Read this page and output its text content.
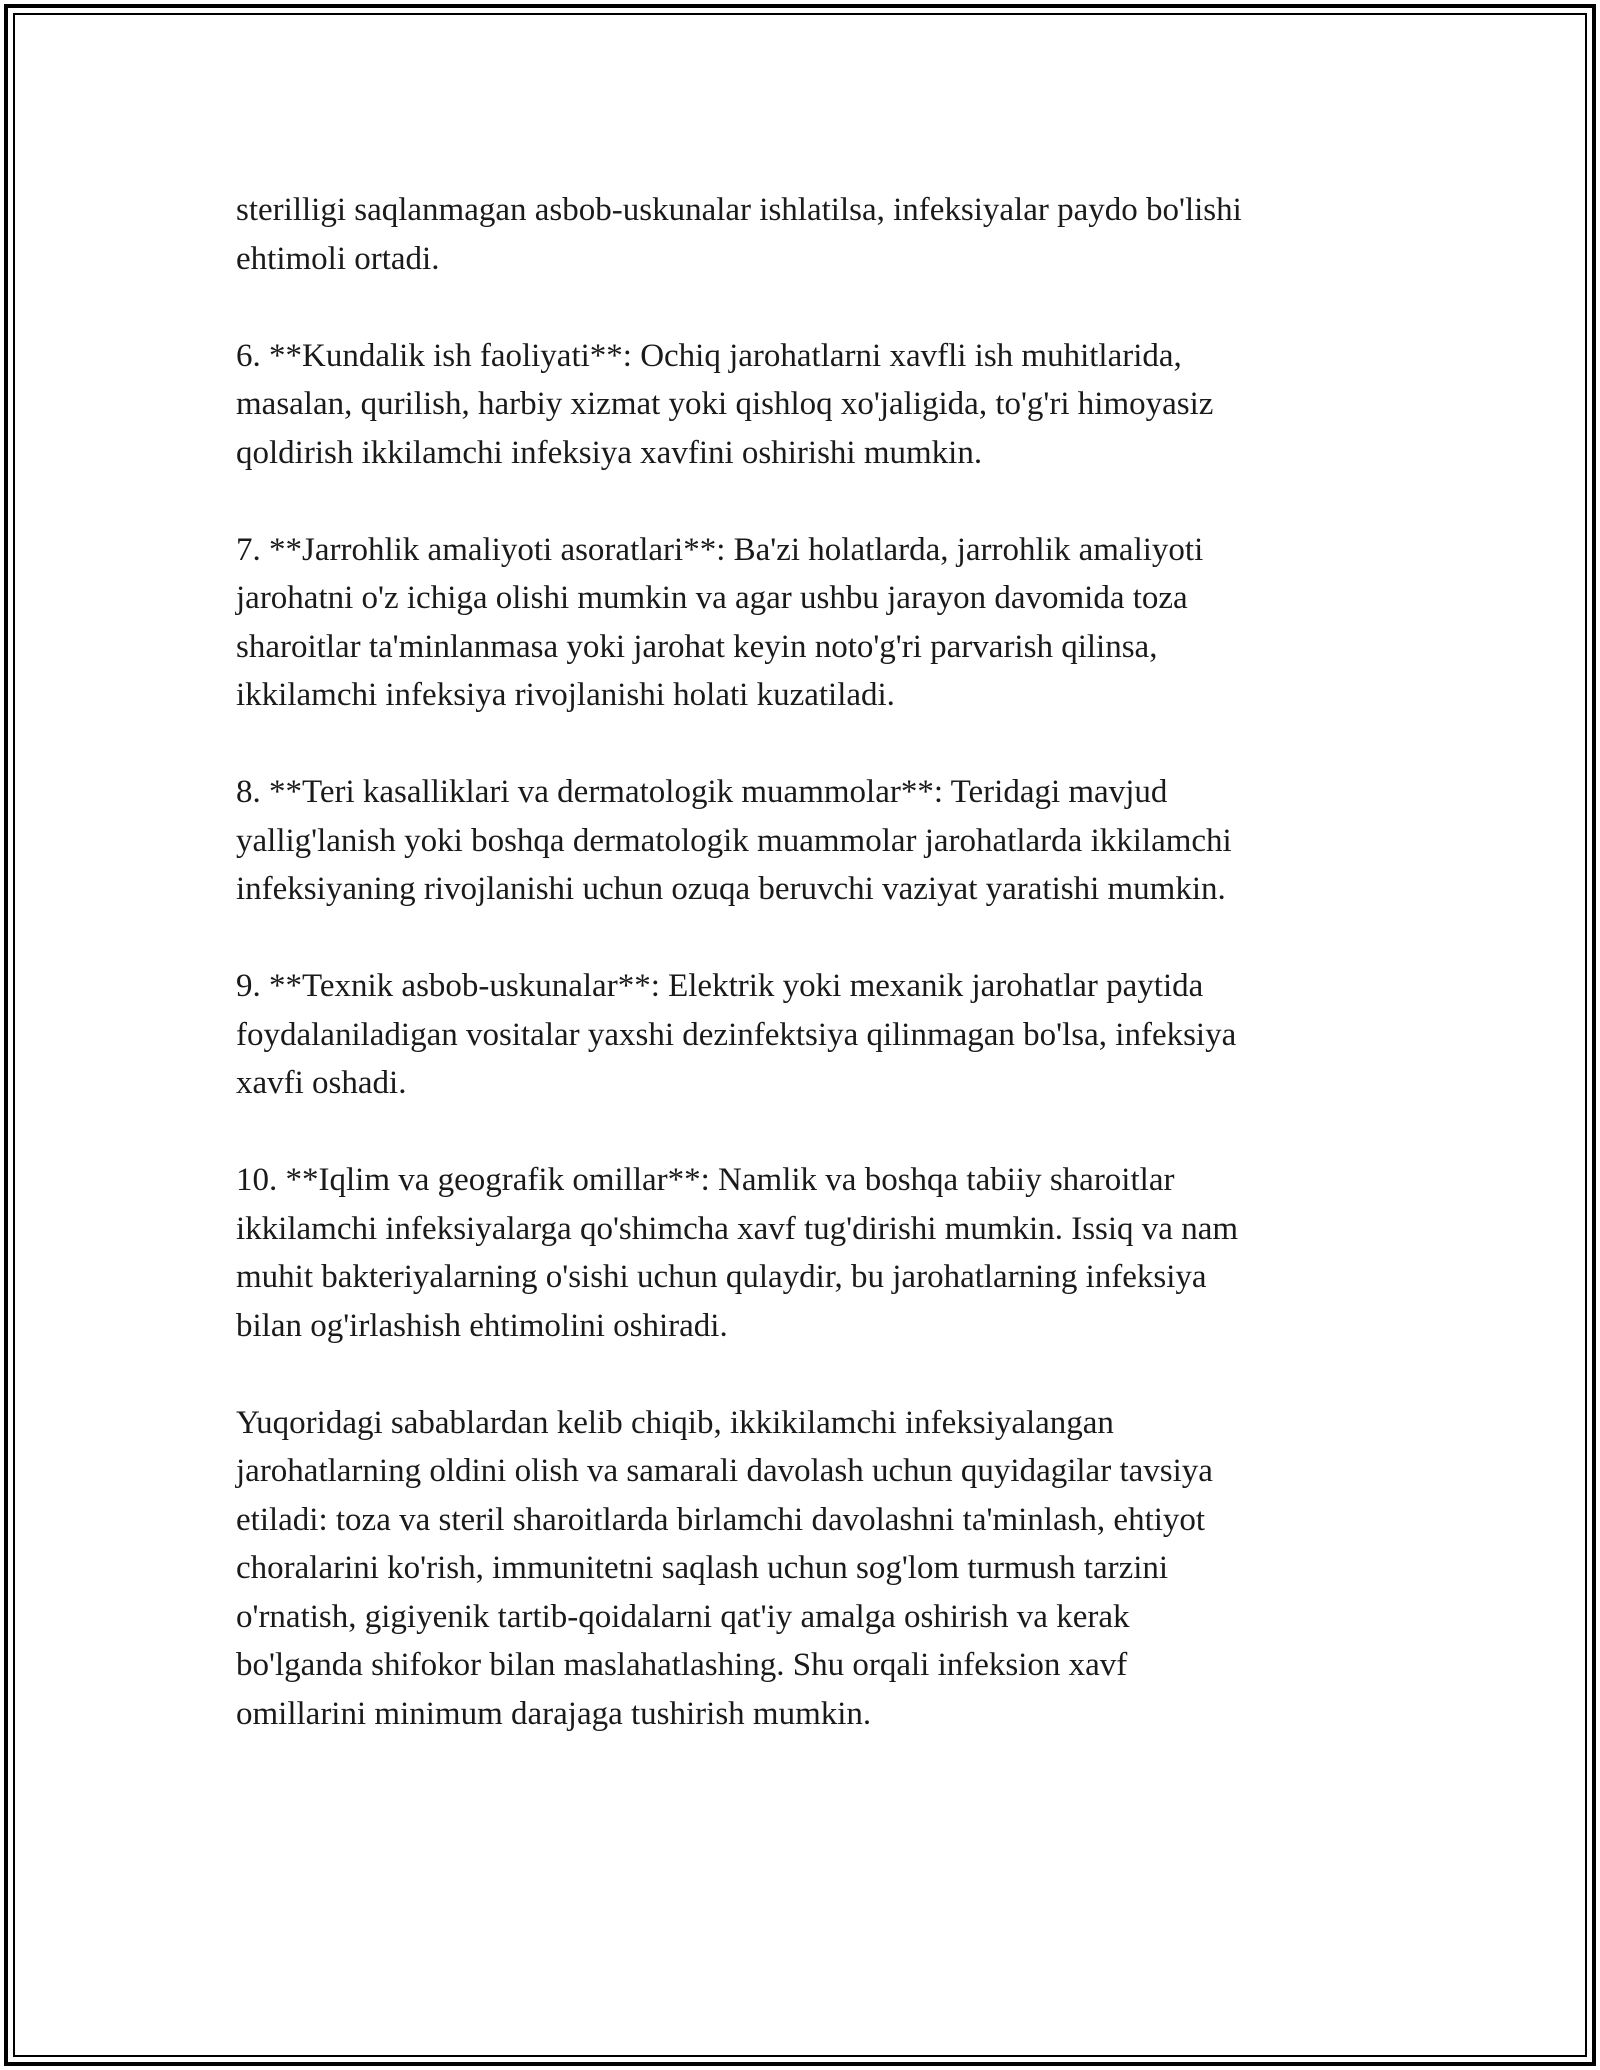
sterilligi saqlanmagan asbob-uskunalar ishlatilsa, infeksiyalar paydo bo'lishi
ehtimoli ortadi.

6. **Kundalik ish faoliyati**: Ochiq jarohatlarni xavfli ish muhitlarida,
masalan, qurilish, harbiy xizmat yoki qishloq xo'jaligida, to'g'ri himoyasiz
qoldirish ikkilamchi infeksiya xavfini oshirishi mumkin.

7. **Jarrohlik amaliyoti asoratlari**: Ba'zi holatlarda, jarrohlik amaliyoti
jarohatni o'z ichiga olishi mumkin va agar ushbu jarayon davomida toza
sharoitlar ta'minlanmasa yoki jarohat keyin noto'g'ri parvarish qilinsa,
ikkilamchi infeksiya rivojlanishi holati kuzatiladi.

8. **Teri kasalliklari va dermatologik muammolar**: Teridagi mavjud
yallig'lanish yoki boshqa dermatologik muammolar jarohatlarda ikkilamchi
infeksiyaning rivojlanishi uchun ozuqa beruvchi vaziyat yaratishi mumkin.

9. **Texnik asbob-uskunalar**: Elektrik yoki mexanik jarohatlar paytida
foydalaniladigan vositalar yaxshi dezinfektsiya qilinmagan bo'lsa, infeksiya
xavfi oshadi.

10. **Iqlim va geografik omillar**: Namlik va boshqa tabiiy sharoitlar
ikkilamchi infeksiyalarga qo'shimcha xavf tug'dirishi mumkin. Issiq va nam
muhit bakteriyalarning o'sishi uchun qulaydir, bu jarohatlarning infeksiya
bilan og'irlashish ehtimolini oshiradi.

Yuqoridagi sabablardan kelib chiqib, ikkikilamchi infeksiyalangan
jarohatlarning oldini olish va samarali davolash uchun quyidagilar tavsiya
etiladi: toza va steril sharoitlarda birlamchi davolashni ta'minlash, ehtiyot
choralarini ko'rish, immunitetni saqlash uchun sog'lom turmush tarzini
o'rnatish, gigiyenik tartib-qoidalarni qat'iy amalga oshirish va kerak
bo'lganda shifokor bilan maslahatlashing. Shu orqali infeksion xavf
omillarini minimum darajaga tushirish mumkin.
